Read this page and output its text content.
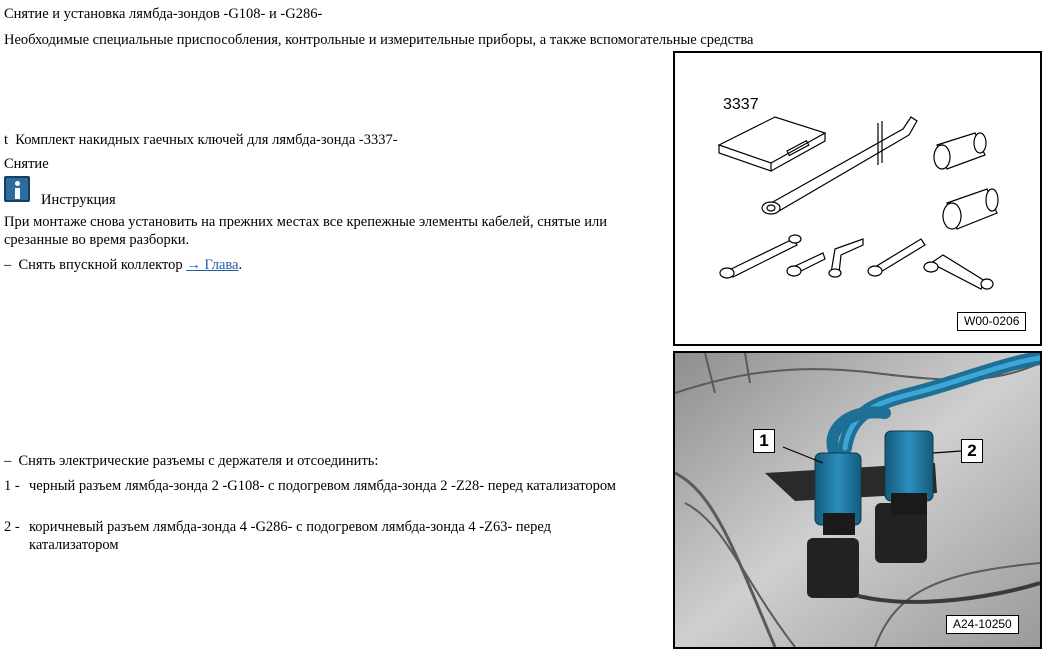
Снятие и установка лямбда-зондов -G108- и -G286-
Необходимые специальные приспособления, контрольные и измерительные приборы, а также вспомогательные средства
t Комплект накидных гаечных ключей для лямбда-зонда -3337-
Снятие
Инструкция
При монтаже снова установить на прежних местах все крепежные элементы кабелей, снятые или срезанные во время разборки.
– Снять впускной коллектор → Глава.
– Снять электрические разъемы с держателя и отсоединить:
1 - черный разъем лямбда-зонда 2 -G108- с подогревом лямбда-зонда 2 -Z28- перед катализатором
2 - коричневый разъем лямбда-зонда 4 -G286- с подогревом лямбда-зонда 4 -Z63- перед катализатором
3337
W00-0206
1
2
A24-10250
